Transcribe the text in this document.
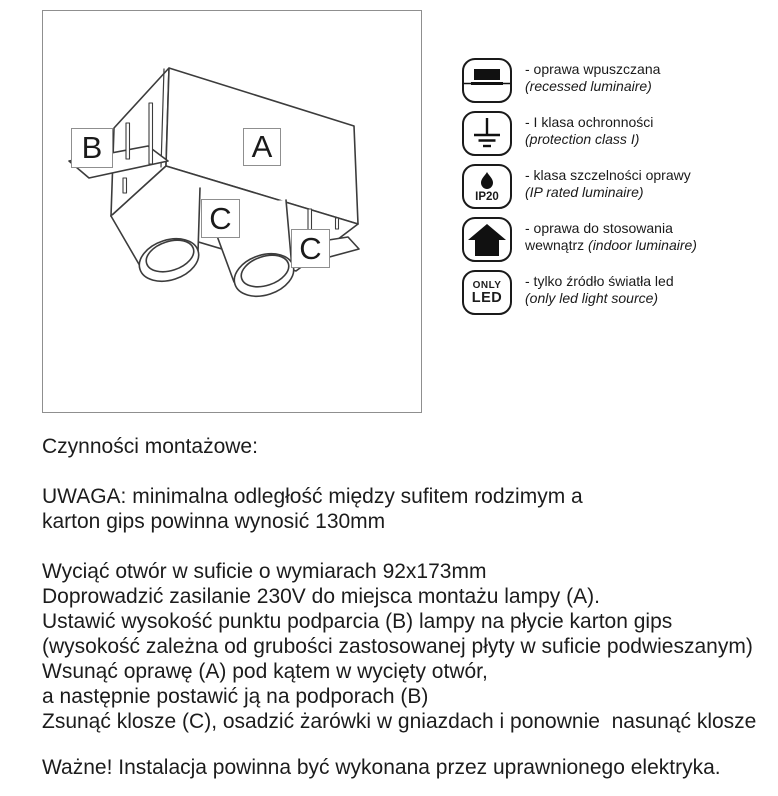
B	A
C
C
- oprawa wpuszczana
(recessed luminaire)
- I klasa ochronności
(protection class I)
IP20
- klasa szczelności oprawy
(IP rated luminaire)
- oprawa do stosowania
wewnątrz (indoor luminaire)
ONLY
LED
- tylko źródło światła led
(only led light source)
Czynności montażowe:
UWAGA: minimalna odległość między sufitem rodzimym a
karton gips powinna wynosić 130mm
Wyciąć otwór w suficie o wymiarach 92x173mm
Doprowadzić zasilanie 230V do miejsca montażu lampy (A).
Ustawić wysokość punktu podparcia (B) lampy na płycie karton gips
(wysokość zależna od grubości zastosowanej płyty w suficie podwieszanym)
Wsunąć oprawę (A) pod kątem w wycięty otwór,
a następnie postawić ją na podporach (B)
Zsunąć klosze (C), osadzić żarówki w gniazdach i ponownie  nasunąć klosze
Ważne! Instalacja powinna być wykonana przez uprawnionego elektryka.
